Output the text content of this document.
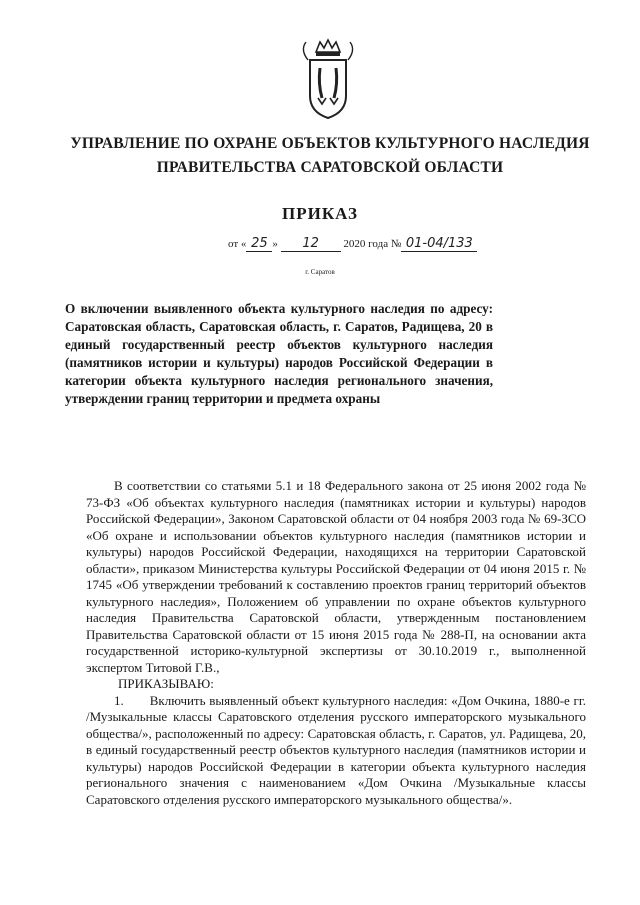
УПРАВЛЕНИЕ ПО ОХРАНЕ ОБЪЕКТОВ КУЛЬТУРНОГО НАСЛЕДИЯ
ПРАВИТЕЛЬСТВА САРАТОВСКОЙ ОБЛАСТИ
ПРИКАЗ
от « 25 » 12 2020 года № 01-04/133
г. Саратов
О включении выявленного объекта культурного наследия по адресу: Саратовская область, Саратовская область, г. Саратов, Радищева, 20 в единый государственный реестр объектов культурного наследия (памятников истории и культуры) народов Российской Федерации в категории объекта культурного наследия регионального значения, утверждении границ территории и предмета охраны

В соответствии со статьями 5.1 и 18 Федерального закона от 25 июня 2002 года № 73-ФЗ «Об объектах культурного наследия (памятниках истории и культуры) народов Российской Федерации», Законом Саратовской области от 04 ноября 2003 года № 69-ЗСО «Об охране и использовании объектов культурного наследия (памятников истории и культуры) народов Российской Федерации, находящихся на территории Саратовской области», приказом Министерства культуры Российской Федерации от 04 июня 2015 г. № 1745 «Об утверждении требований к составлению проектов границ территорий объектов культурного наследия», Положением об управлении по охране объектов культурного наследия Правительства Саратовской области, утвержденным постановлением Правительства Саратовской области от 15 июня 2015 года № 288-П, на основании акта государственной историко-культурной экспертизы от 30.10.2019 г., выполненной экспертом Титовой Г.В.,

ПРИКАЗЫВАЮ:

1.  Включить выявленный объект культурного наследия: «Дом Очкина, 1880-е гг. /Музыкальные классы Саратовского отделения русского императорского музыкального общества/», расположенный по адресу: Саратовская область, г. Саратов, ул. Радищева, 20, в единый государственный реестр объектов культурного наследия (памятников истории и культуры) народов Российской Федерации в категории объекта культурного наследия регионального значения с наименованием «Дом Очкина /Музыкальные классы Саратовского отделения русского императорского музыкального общества/».
